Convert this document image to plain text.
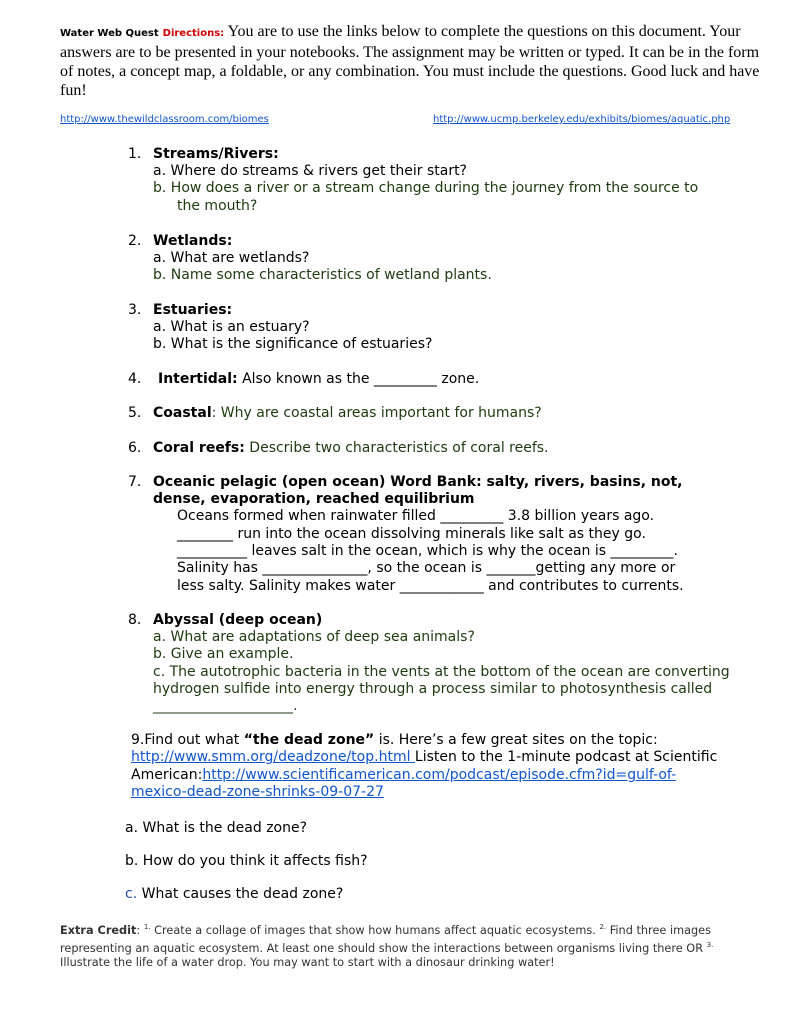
Water Web Quest Directions: You are to use the links below to complete the questions on this document. Your
answers are to be presented in your notebooks. The assignment may be written or typed. It can be in the form
of notes, a concept map, a foldable, or any combination. You must include the questions. Good luck and have
fun!
http://www.thewildclassroom.com/biomes	http://www.ucmp.berkeley.edu/exhibits/biomes/aquatic.php
1. Streams/Rivers:
a. Where do streams & rivers get their start?
b. How does a river or a stream change during the journey from the source to
the mouth?
2. Wetlands:
a. What are wetlands?
b. Name some characteristics of wetland plants.
3. Estuaries:
a. What is an estuary?
b. What is the significance of estuaries?
4. Intertidal: Also known as the _________ zone.
5. Coastal: Why are coastal areas important for humans?
6. Coral reefs: Describe two characteristics of coral reefs.
7. Oceanic pelagic (open ocean) Word Bank: salty, rivers, basins, not,
dense, evaporation, reached equilibrium
Oceans formed when rainwater filled _________ 3.8 billion years ago.
________ run into the ocean dissolving minerals like salt as they go.
__________ leaves salt in the ocean, which is why the ocean is _________.
Salinity has _______________, so the ocean is _______getting any more or
less salty. Salinity makes water ____________ and contributes to currents.
8. Abyssal (deep ocean)
a. What are adaptations of deep sea animals?
b. Give an example.
c. The autotrophic bacteria in the vents at the bottom of the ocean are converting
hydrogen sulfide into energy through a process similar to photosynthesis called
____________________.
9.Find out what “the dead zone” is. Here’s a few great sites on the topic:
http://www.smm.org/deadzone/top.html Listen to the 1-minute podcast at Scientific
American:http://www.scientificamerican.com/podcast/episode.cfm?id=gulf-of-
mexico-dead-zone-shrinks-09-07-27
a. What is the dead zone?
b. How do you think it affects fish?
c. What causes the dead zone?
Extra Credit: $^{1.}$ Create a collage of images that show how humans affect aquatic ecosystems. $^{2.}$ Find three images
representing an aquatic ecosystem. At least one should show the interactions between organisms living there OR $^{3.}$
Illustrate the life of a water drop. You may want to start with a dinosaur drinking water!
